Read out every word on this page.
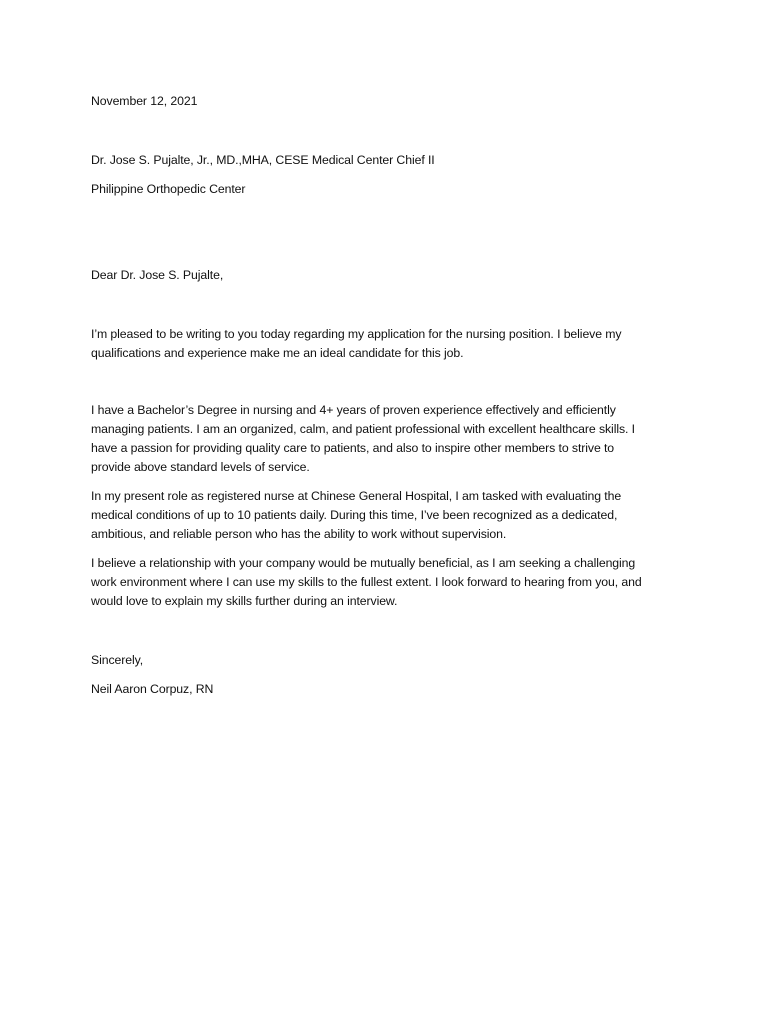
November 12, 2021
Dr. Jose S. Pujalte, Jr., MD.,MHA, CESE Medical Center Chief II
Philippine Orthopedic Center
Dear Dr. Jose S. Pujalte,
I’m pleased to be writing to you today regarding my application for the nursing position. I believe my
qualifications and experience make me an ideal candidate for this job.
I have a Bachelor’s Degree in nursing and 4+ years of proven experience effectively and efficiently
managing patients. I am an organized, calm, and patient professional with excellent healthcare skills. I
have a passion for providing quality care to patients, and also to inspire other members to strive to
provide above standard levels of service.
In my present role as registered nurse at Chinese General Hospital, I am tasked with evaluating the
medical conditions of up to 10 patients daily. During this time, I’ve been recognized as a dedicated,
ambitious, and reliable person who has the ability to work without supervision.
I believe a relationship with your company would be mutually beneficial, as I am seeking a challenging
work environment where I can use my skills to the fullest extent. I look forward to hearing from you, and
would love to explain my skills further during an interview.
Sincerely,
Neil Aaron Corpuz, RN
